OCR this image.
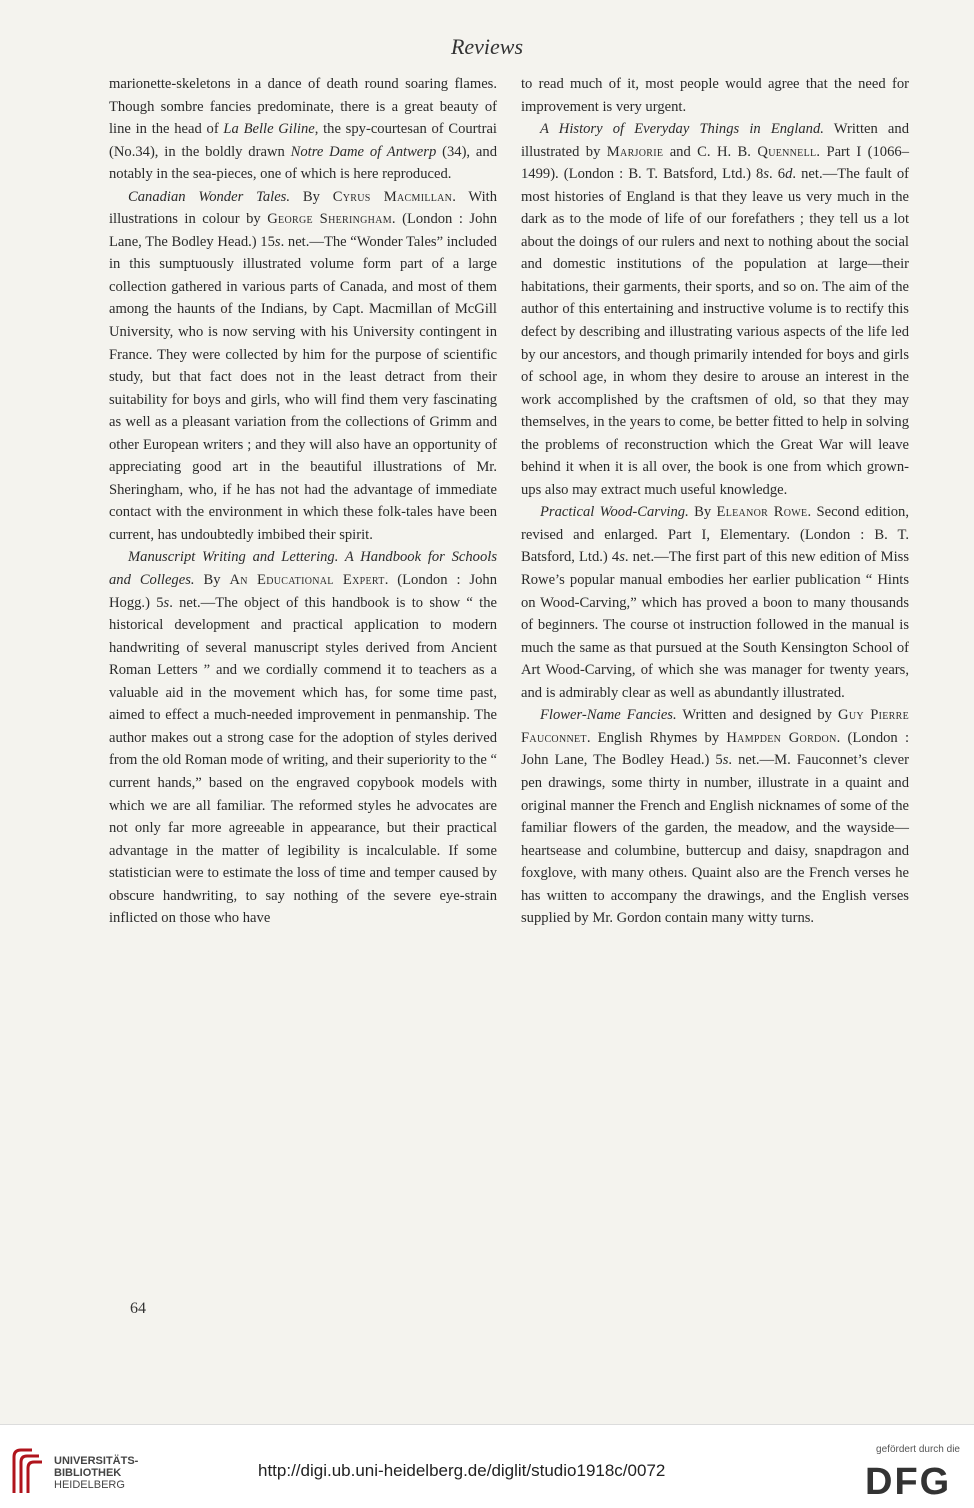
Reviews

marionette-skeletons in a dance of death round soaring flames. Though sombre fancies predominate, there is a great beauty of line in the head of La Belle Giline, the spy-courtesan of Courtrai (No.34), in the boldly drawn Notre Dame of Antwerp (34), and notably in the sea-pieces, one of which is here reproduced.

Canadian Wonder Tales. By Cyrus Macmillan. With illustrations in colour by George Sheringham. (London : John Lane, The Bodley Head.) 15s. net.—The “Wonder Tales” included in this sumptuously illustrated volume form part of a large collection gathered in various parts of Canada, and most of them among the haunts of the Indians, by Capt. Macmillan of McGill University, who is now serving with his University contingent in France. They were collected by him for the purpose of scientific study, but that fact does not in the least detract from their suitability for boys and girls, who will find them very fascinating as well as a pleasant variation from the collections of Grimm and other European writers ; and they will also have an opportunity of appreciating good art in the beautiful illustrations of Mr. Sheringham, who, if he has not had the advantage of immediate contact with the environment in which these folk-tales have been current, has undoubtedly imbibed their spirit.

Manuscript Writing and Lettering. A Handbook for Schools and Colleges. By An Educational Expert. (London : John Hogg.) 5s. net.—The object of this handbook is to show “ the historical development and practical application to modern handwriting of several manuscript styles derived from Ancient Roman Letters ” and we cordially commend it to teachers as a valuable aid in the movement which has, for some time past, aimed to effect a much-needed improvement in penmanship. The author makes out a strong case for the adoption of styles derived from the old Roman mode of writing, and their superiority to the “ current hands,” based on the engraved copybook models with which we are all familiar. The reformed styles he advocates are not only far more agreeable in appearance, but their practical advantage in the matter of legibility is incalculable. If some statistician were to estimate the loss of time and temper caused by obscure handwriting, to say nothing of the severe eye-strain inflicted on those who have

to read much of it, most people would agree that the need for improvement is very urgent.

A History of Everyday Things in England. Written and illustrated by Marjorie and C. H. B. Quennell. Part I (1066–1499). (London : B. T. Batsford, Ltd.) 8s. 6d. net.—The fault of most histories of England is that they leave us very much in the dark as to the mode of life of our forefathers ; they tell us a lot about the doings of our rulers and next to nothing about the social and domestic institutions of the population at large—their habitations, their garments, their sports, and so on. The aim of the author of this entertaining and instructive volume is to rectify this defect by describing and illustrating various aspects of the life led by our ancestors, and though primarily intended for boys and girls of school age, in whom they desire to arouse an interest in the work accomplished by the craftsmen of old, so that they may themselves, in the years to come, be better fitted to help in solving the problems of reconstruction which the Great War will leave behind it when it is all over, the book is one from which grown-ups also may extract much useful knowledge.

Practical Wood-Carving. By Eleanor Rowe. Second edition, revised and enlarged. Part I, Elementary. (London : B. T. Batsford, Ltd.) 4s. net.—The first part of this new edition of Miss Rowe’s popular manual embodies her earlier publication “ Hints on Wood-Carving,” which has proved a boon to many thousands of beginners. The course ot instruction followed in the manual is much the same as that pursued at the South Kensington School of Art Wood-Carving, of which she was manager for twenty years, and is admirably clear as well as abundantly illustrated.

Flower-Name Fancies. Written and designed by Guy Pierre Fauconnet. English Rhymes by Hampden Gordon. (London : John Lane, The Bodley Head.) 5s. net.—M. Fauconnet’s clever pen drawings, some thirty in number, illustrate in a quaint and original manner the French and English nicknames of some of the familiar flowers of the garden, the meadow, and the wayside—heartsease and columbine, buttercup and daisy, snapdragon and foxglove, with many otheıs. Quaint also are the French verses he has wıitten to accompany the drawings, and the English verses supplied by Mr. Gordon contain many witty turns.

64
UNIVERSITÄTS-
BIBLIOTHEK
HEIDELBERG
http://digi.ub.uni-heidelberg.de/diglit/studio1918c/0072
gefördert durch die
DFG
